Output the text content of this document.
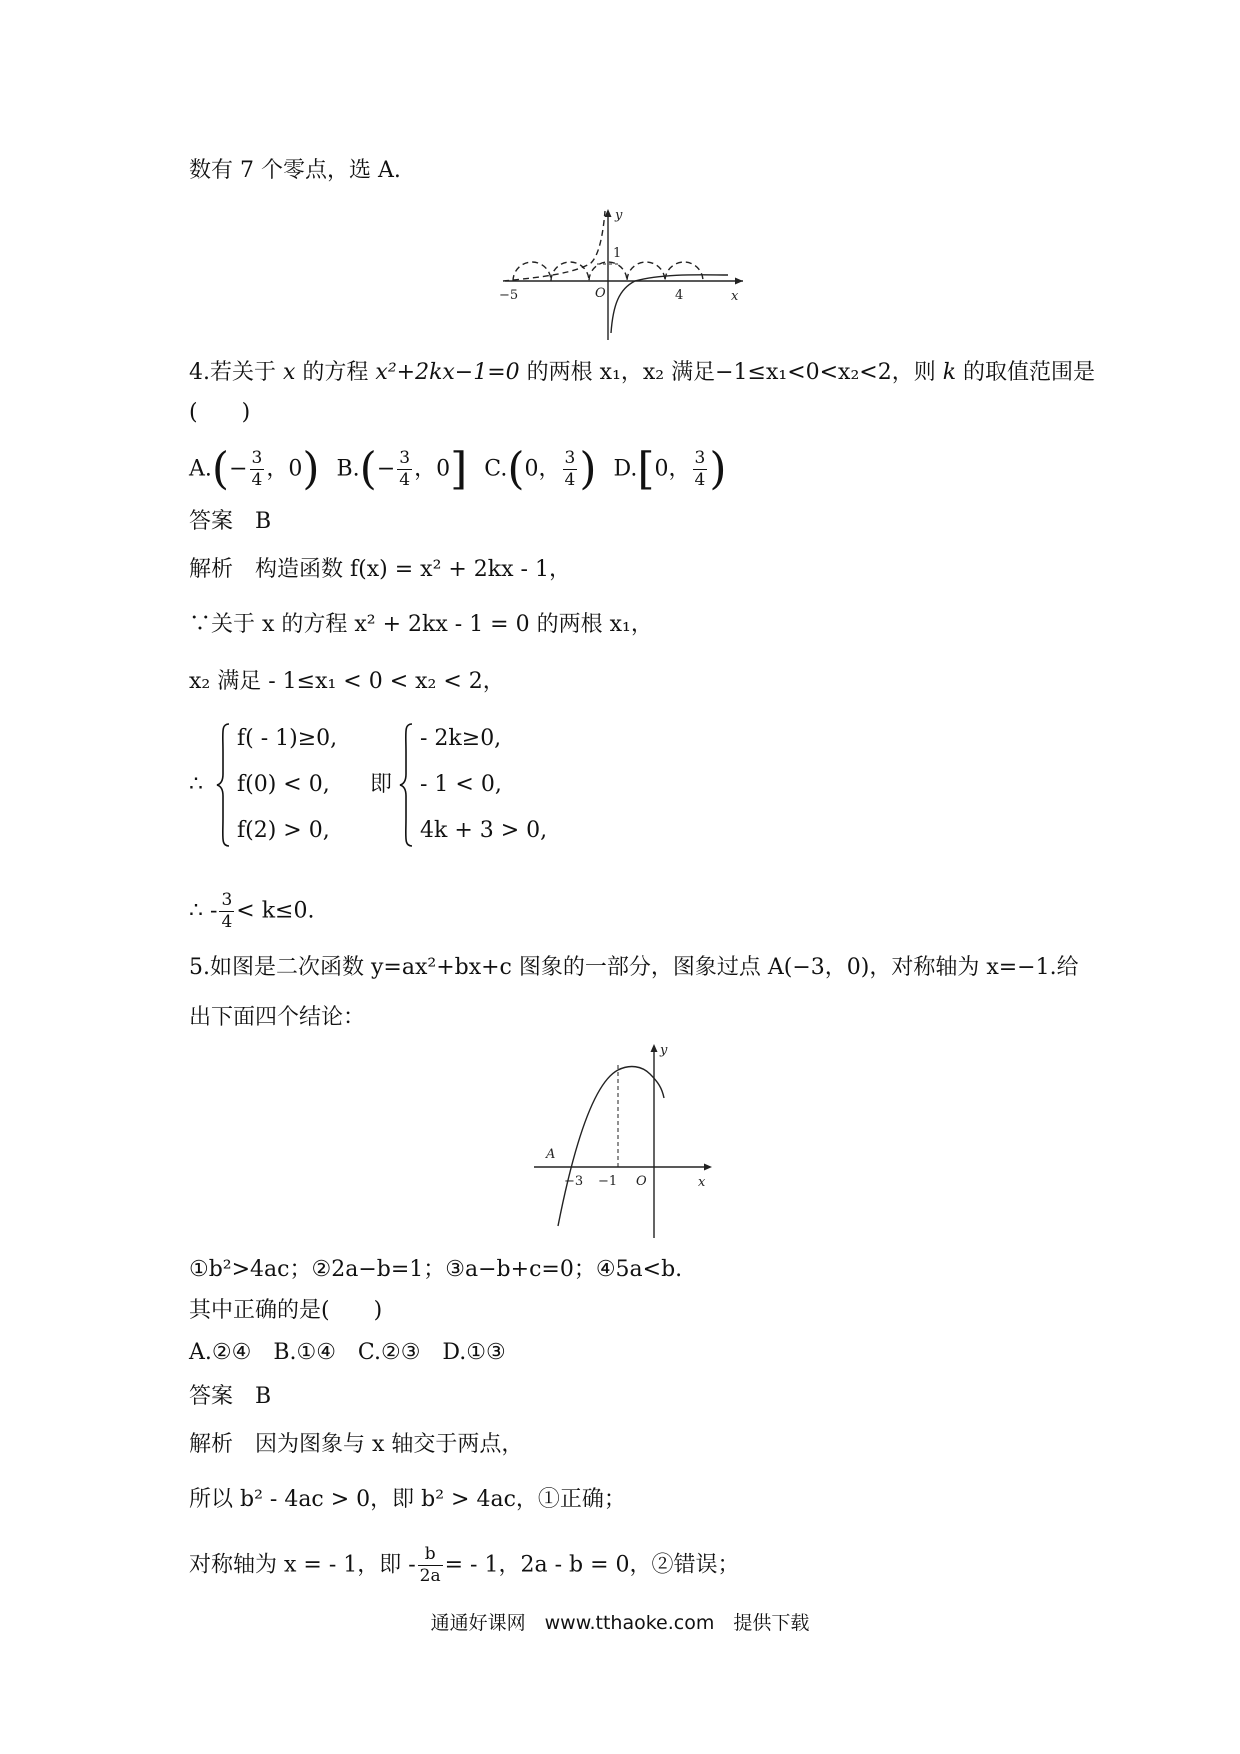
数有 7 个零点，选 A.
y
1
O
−5	4	x
4.若关于 x 的方程 x²+2kx−1=0 的两根 x₁，x₂ 满足−1≤x₁<0<x₂<2，则 k 的取值范围是
(　　)
$A.(- \frac{3}{4}$ ，0) $B.(- \frac{3}{4}$ ，0] C.(0， $\frac{3}{4}$ ) D.[0， $\frac{3}{4}$ )
答案　B
解析　 构造函数 f(x) = x² + 2kx - 1，
∵关于 x 的方程 x² + 2kx - 1 = 0 的两根 x₁，
x₂ 满足 - 1≤x₁ < 0 < x₂ < 2，
∴
f( - 1)≥0,
f(0) < 0,
f(2) > 0,
即
- 2k≥0,
- 1 < 0,
4k + 3 > 0,
∴ - $\frac{3}{4} < k\le 0$.
5.如图是二次函数 y=ax²+bx+c 图象的一部分，图象过点 A(−3，0)，对称轴为 x=−1.给
出下面四个结论：
y
A
−3 −1 O	x
①b²>4ac；②2a−b=1；③a−b+c=0；④5a<b.
其中正确的是(　　)
A.②④　B.①④　C.②③　D.①③
答案　B
解析　 因为图象与 x 轴交于两点，
所以 b² - 4ac > 0，即 b² > 4ac，①正确；
对称轴为 x = - 1，即 - $\frac{b}{2a}$ = - 1，2a - b = 0，②错误；
通通好课网　www.tthaoke.com　提供下载
